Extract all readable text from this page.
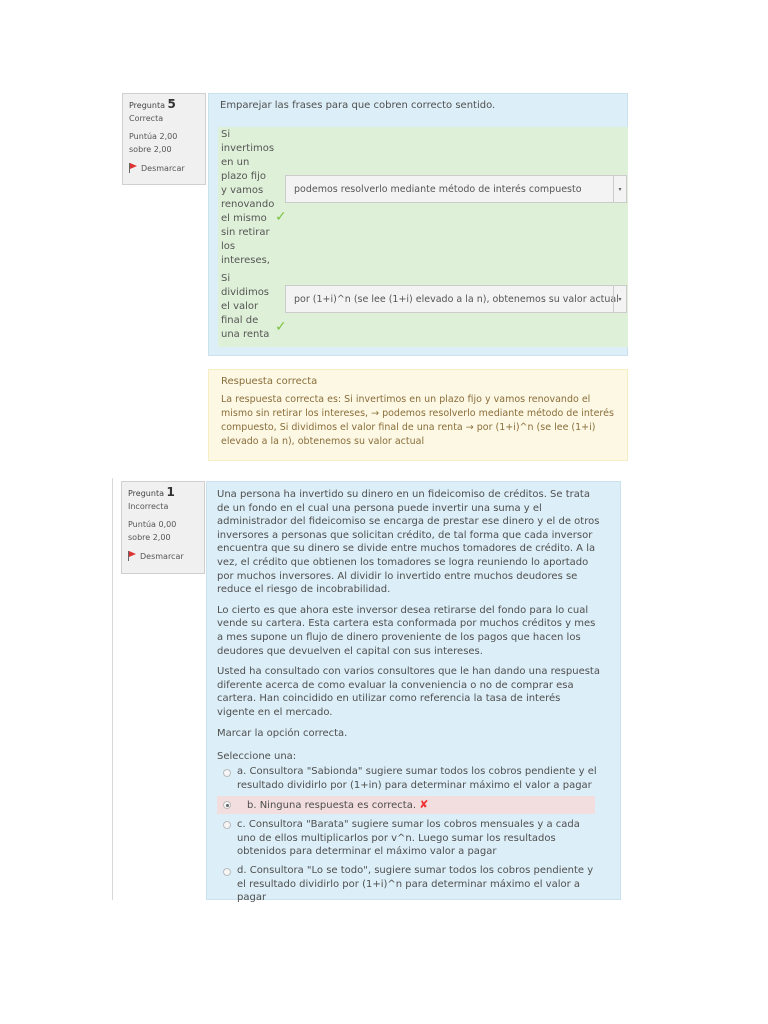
Pregunta 5
Correcta
Puntúa 2,00 sobre 2,00
Desmarcar
Emparejar las frases para que cobren correcto sentido.
Si invertimos en un plazo fijo y vamos renovando el mismo sin retirar los intereses,
✓
podemos resolverlo mediante método de interés compuesto	▾
Si dividimos el valor final de una renta ✓
por (1+i)^n (se lee (1+i) elevado a la n), obtenemos su valor actual ▾
Respuesta correcta
La respuesta correcta es: Si invertimos en un plazo fijo y vamos renovando el mismo sin retirar los intereses, → podemos resolverlo mediante método de interés compuesto, Si dividimos el valor final de una renta → por (1+i)^n (se lee (1+i) elevado a la n), obtenemos su valor actual
Pregunta 1
Incorrecta
Puntúa 0,00 sobre 2,00
Desmarcar

Una persona ha invertido su dinero en un fideicomiso de créditos. Se trata de un fondo en el cual una persona puede invertir una suma y el administrador del fideicomiso se encarga de prestar ese dinero y el de otros inversores a personas que solicitan crédito, de tal forma que cada inversor encuentra que su dinero se divide entre muchos tomadores de crédito. A la vez, el crédito que obtienen los tomadores se logra reuniendo lo aportado por muchos inversores. Al dividir lo invertido entre muchos deudores se reduce el riesgo de incobrabilidad.

Lo cierto es que ahora este inversor desea retirarse del fondo para lo cual vende su cartera. Esta cartera esta conformada por muchos créditos y mes a mes supone un flujo de dinero proveniente de los pagos que hacen los deudores que devuelven el capital con sus intereses.

Usted ha consultado con varios consultores que le han dando una respuesta diferente acerca de como evaluar la conveniencia o no de comprar esa cartera. Han coincidido en utilizar como referencia la tasa de interés vigente en el mercado.

Marcar la opción correcta.

Seleccione una:
a. Consultora "Sabionda" sugiere sumar todos los cobros pendiente y el resultado dividirlo por (1+in) para determinar máximo el valor a pagar
b. Ninguna respuesta es correcta. ✘
c. Consultora "Barata" sugiere sumar los cobros mensuales y a cada uno de ellos multiplicarlos por v^n. Luego sumar los resultados obtenidos para determinar el máximo valor a pagar
d. Consultora "Lo se todo", sugiere sumar todos los cobros pendiente y el resultado dividirlo por (1+i)^n para determinar máximo el valor a pagar
